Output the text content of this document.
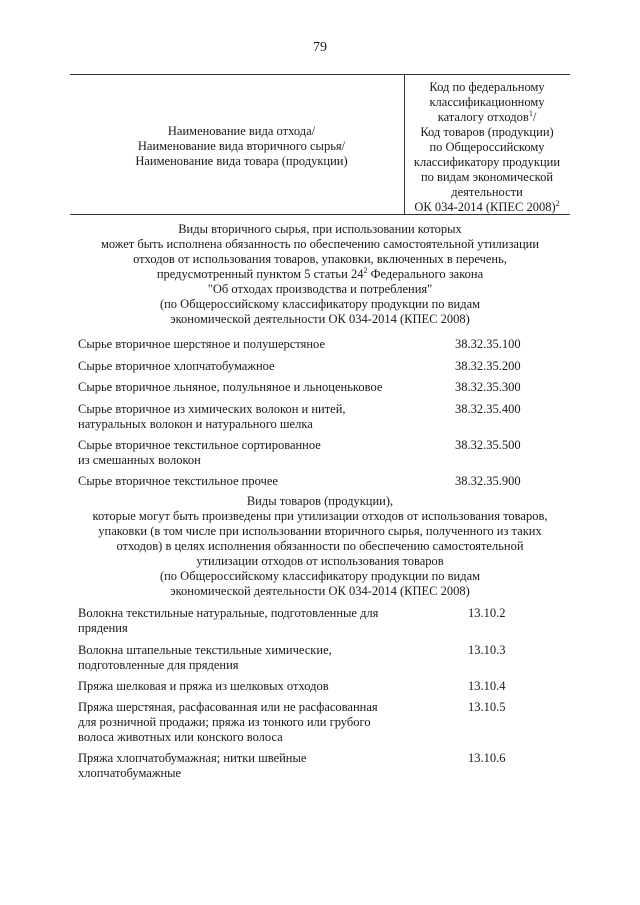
79
Наименование вида отхода/
Наименование вида вторичного сырья/
Наименование вида товара (продукции)
Код по федеральному
классификационному
каталогу отходов$^1$/
Код товаров (продукции)
по Общероссийскому
классификатору продукции
по видам экономической
деятельности
ОК 034-2014 (КПЕС 2008)$^2$
Виды вторичного сырья, при использовании которых
может быть исполнена обязанность по обеспечению самостоятельной утилизации
отходов от использования товаров, упаковки, включенных в перечень,
предусмотренный пунктом 5 статьи $24^2$ Федерального закона
"Об отходах производства и потребления"
(по Общероссийскому классификатору продукции по видам
экономической деятельности ОК 034-2014 (КПЕС 2008)
Сырье вторичное шерстяное и полушерстяное	38.32.35.100
Сырье вторичное хлопчатобумажное	38.32.35.200
Сырье вторичное льняное, полульняное и льноценьковое	38.32.35.300
Сырье вторичное из химических волокон и нитей,
натуральных волокон и натурального шелка
38.32.35.400
Сырье вторичное текстильное сортированное
из смешанных волокон
38.32.35.500
Сырье вторичное текстильное прочее	38.32.35.900
Виды товаров (продукции),
которые могут быть произведены при утилизации отходов от использования товаров,
упаковки (в том числе при использовании вторичного сырья, полученного из таких
отходов) в целях исполнения обязанности по обеспечению самостоятельной
утилизации отходов от использования товаров
(по Общероссийскому классификатору продукции по видам
экономической деятельности ОК 034-2014 (КПЕС 2008)
Волокна текстильные натуральные, подготовленные для
прядения
13.10.2
Волокна штапельные текстильные химические,
подготовленные для прядения
13.10.3
Пряжа шелковая и пряжа из шелковых отходов	13.10.4
Пряжа шерстяная, расфасованная или не расфасованная
для розничной продажи; пряжа из тонкого или грубого
волоса животных или конского волоса
13.10.5
Пряжа хлопчатобумажная; нитки швейные
хлопчатобумажные
13.10.6
